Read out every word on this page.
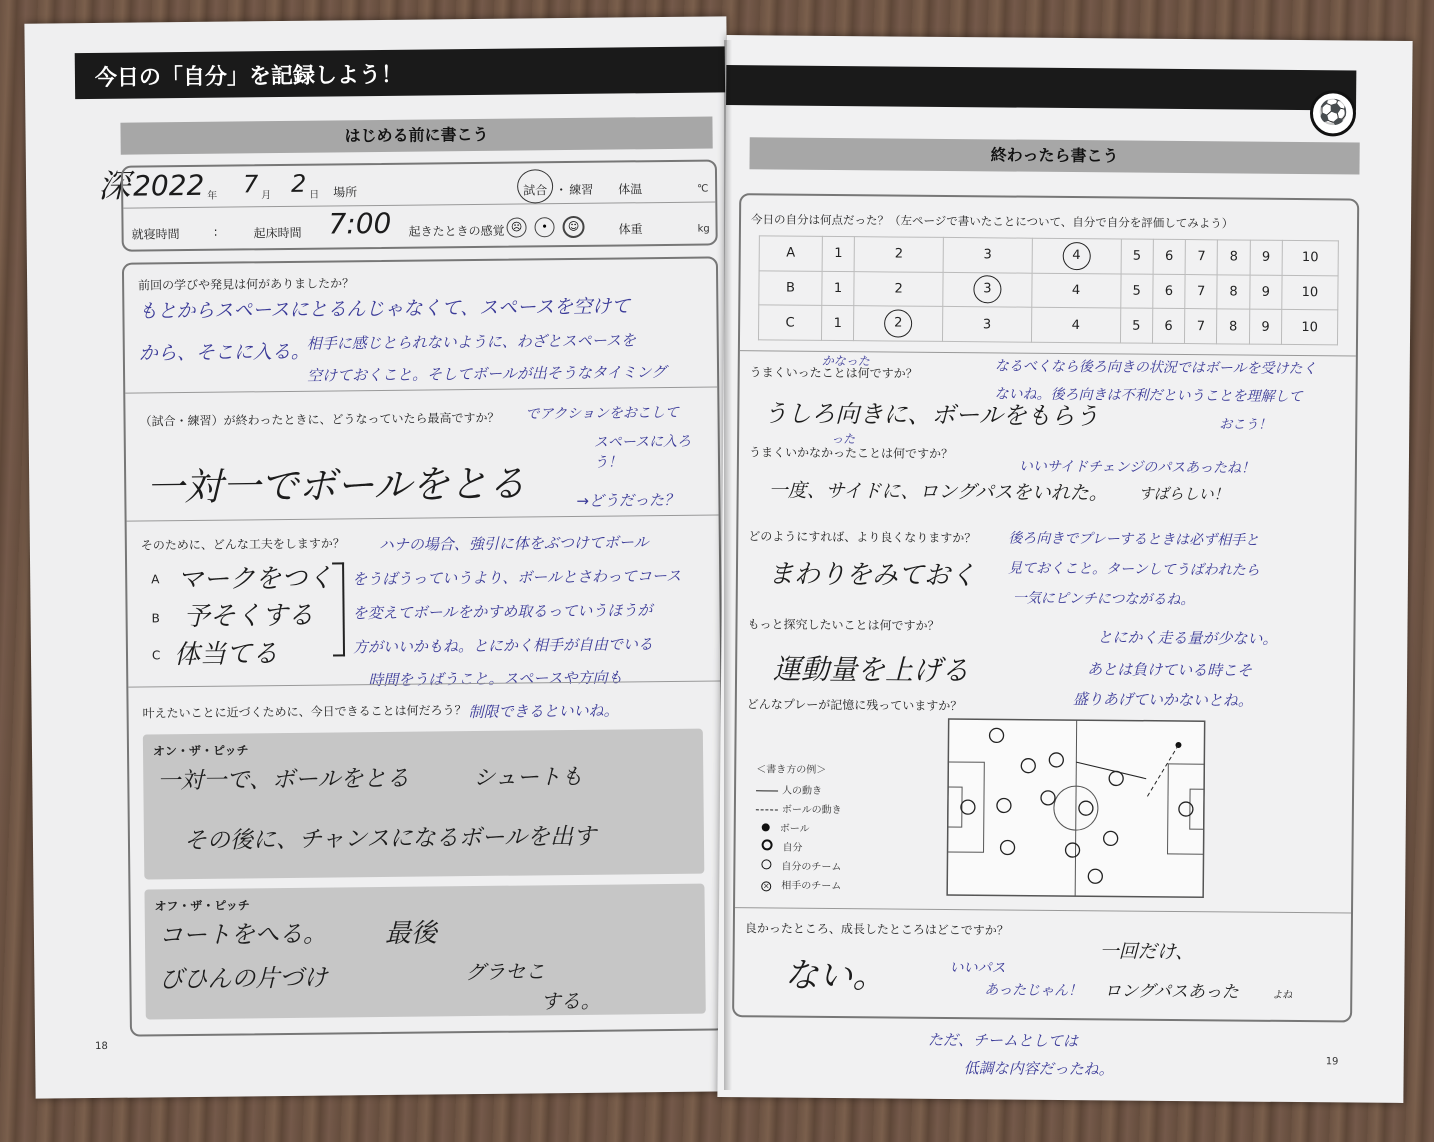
今日の「自分」を記録しよう！
はじめる前に書こう
深 2022 年 7 月 2 日 場所	試合 ・ 練習 体温	℃
就寝時間	:	起床時間 7:00 起きたときの感覚 ☹ • ☺	体重	kg
前回の学びや発見は何がありましたか？
もとからスペースにとるんじゃなくて、スペースを空けて
から、そこに入る。
相手に感じとられないように、わざとスペースを
空けておくこと。そしてボールが出そうなタイミング
（試合・練習）が終わったときに、どうなっていたら最高ですか？ でアクションをおこして
スペースに入ろう！
一対一でボールをとる	→どうだった？
そのために、どんな工夫をしますか？
A マークをつく
B 予そくする
C 体当てる
ハナの場合、強引に体をぶつけてボール
をうばうっていうより、ボールとさわってコース
を変えてボールをかすめ取るっていうほうが
方がいいかもね。とにかく相手が自由でいる
時間をうばうこと。スペースや方向も
叶えたいことに近づくために、今日できることは何だろう？ 制限できるといいね。
オン・ザ・ピッチ
一対一で、ボールをとる	シュートも
その後に、チャンスになるボールを出す
オフ・ザ・ピッチ
コートをへる。 最後
びひんの片づけ	グラセこ
する。
18
⚽
終わったら書こう
今日の自分は何点だった？（左ページで書いたことについて、自分で自分を評価してみよう）
A	1	2	3	4	5	6	7	8	9	10
B	1	2	3	4	5	6	7	8	9	10
C	1	2	3	4	5	6	7	8	9	10
うまくいったことは何ですか？
かなった	なるべくなら後ろ向きの状況ではボールを受けたく
ないね。後ろ向きは不利だということを理解して
うしろ向きに、ボールをもらう	おこう！
うまくいかなかったことは何ですか？
った
いいサイドチェンジのパスあったね！
一度、サイドに、ロングパスをいれた。 すばらしい！
どのようにすれば、より良くなりますか？ 後ろ向きでプレーするときは必ず相手と
まわりをみておく 見ておくこと。ターンしてうばわれたら
一気にピンチにつながるね。
もっと探究したいことは何ですか？
とにかく走る量が少ない。
運動量を上げる	あとは負けている時こそ
盛りあげていかないとね。
どんなプレーが記憶に残っていますか？
＜書き方の例＞
人の動き
ボールの動き
ボール
自分
自分のチーム
× 相手のチーム
良かったところ、成長したところはどこですか？
ない。	いいパス
あったじゃん！
一回だけ、
ロングパスあった	よね
ただ、チームとしては
低調な内容だったね。	19
